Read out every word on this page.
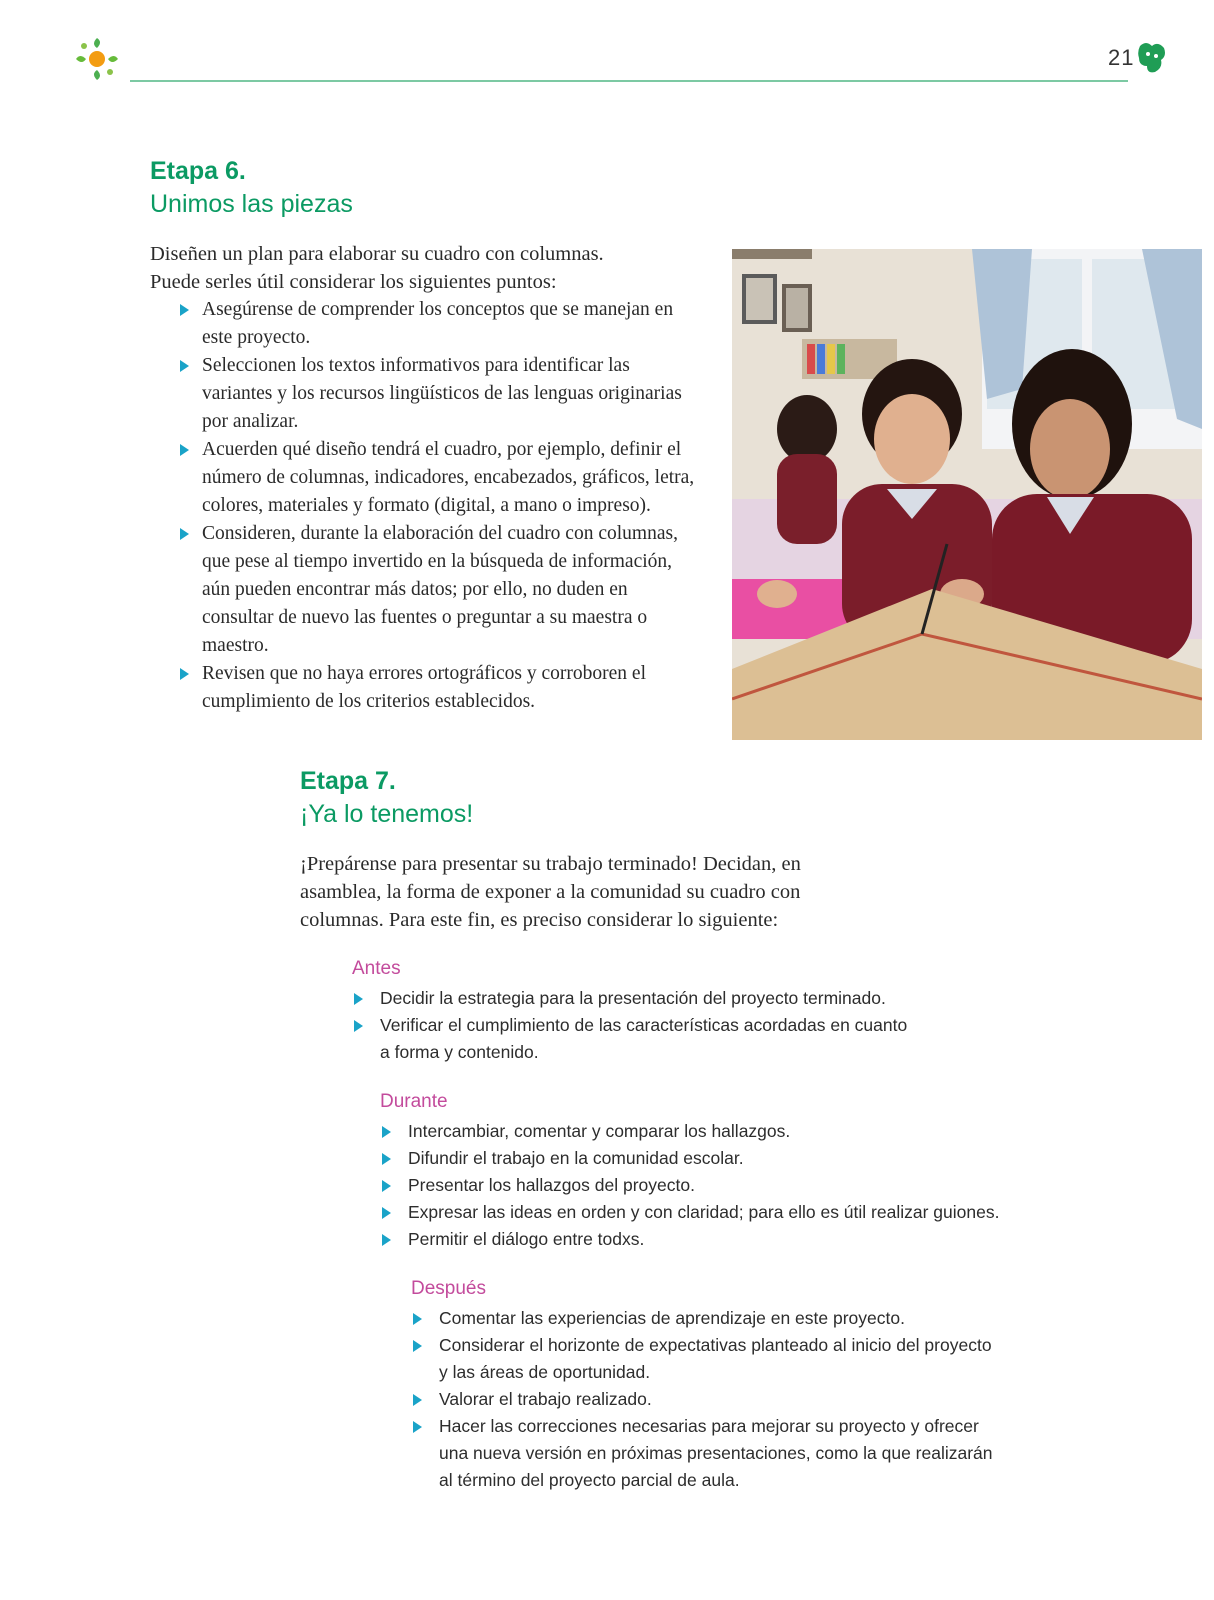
21
Etapa 6.
Unimos las piezas
Diseñen un plan para elaborar su cuadro con columnas.
Puede serles útil considerar los siguientes puntos:
Asegúrense de comprender los conceptos que se manejan en este proyecto.
Seleccionen los textos informativos para identificar las variantes y los recursos lingüísticos de las lenguas originarias por analizar.
Acuerden qué diseño tendrá el cuadro, por ejemplo, definir el número de columnas, indicadores, encabezados, gráficos, letra, colores, materiales y formato (digital, a mano o impreso).
Consideren, durante la elaboración del cuadro con columnas, que pese al tiempo invertido en la búsqueda de información, aún pueden encontrar más datos; por ello, no duden en consultar de nuevo las fuentes o preguntar a su maestra o maestro.
Revisen que no haya errores ortográficos y corroboren el cumplimiento de los criterios establecidos.
Etapa 7.
¡Ya lo tenemos!
¡Prepárense para presentar su trabajo terminado! Decidan, en asamblea, la forma de exponer a la comunidad su cuadro con columnas. Para este fin, es preciso considerar lo siguiente:
Antes
Decidir la estrategia para la presentación del proyecto terminado.
Verificar el cumplimiento de las características acordadas en cuanto a forma y contenido.
Durante
Intercambiar, comentar y comparar los hallazgos.
Difundir el trabajo en la comunidad escolar.
Presentar los hallazgos del proyecto.
Expresar las ideas en orden y con claridad; para ello es útil realizar guiones.
Permitir el diálogo entre todxs.
Después
Comentar las experiencias de aprendizaje en este proyecto.
Considerar el horizonte de expectativas planteado al inicio del proyecto y las áreas de oportunidad.
Valorar el trabajo realizado.
Hacer las correcciones necesarias para mejorar su proyecto y ofrecer una nueva versión en próximas presentaciones, como la que realizarán al término del proyecto parcial de aula.
